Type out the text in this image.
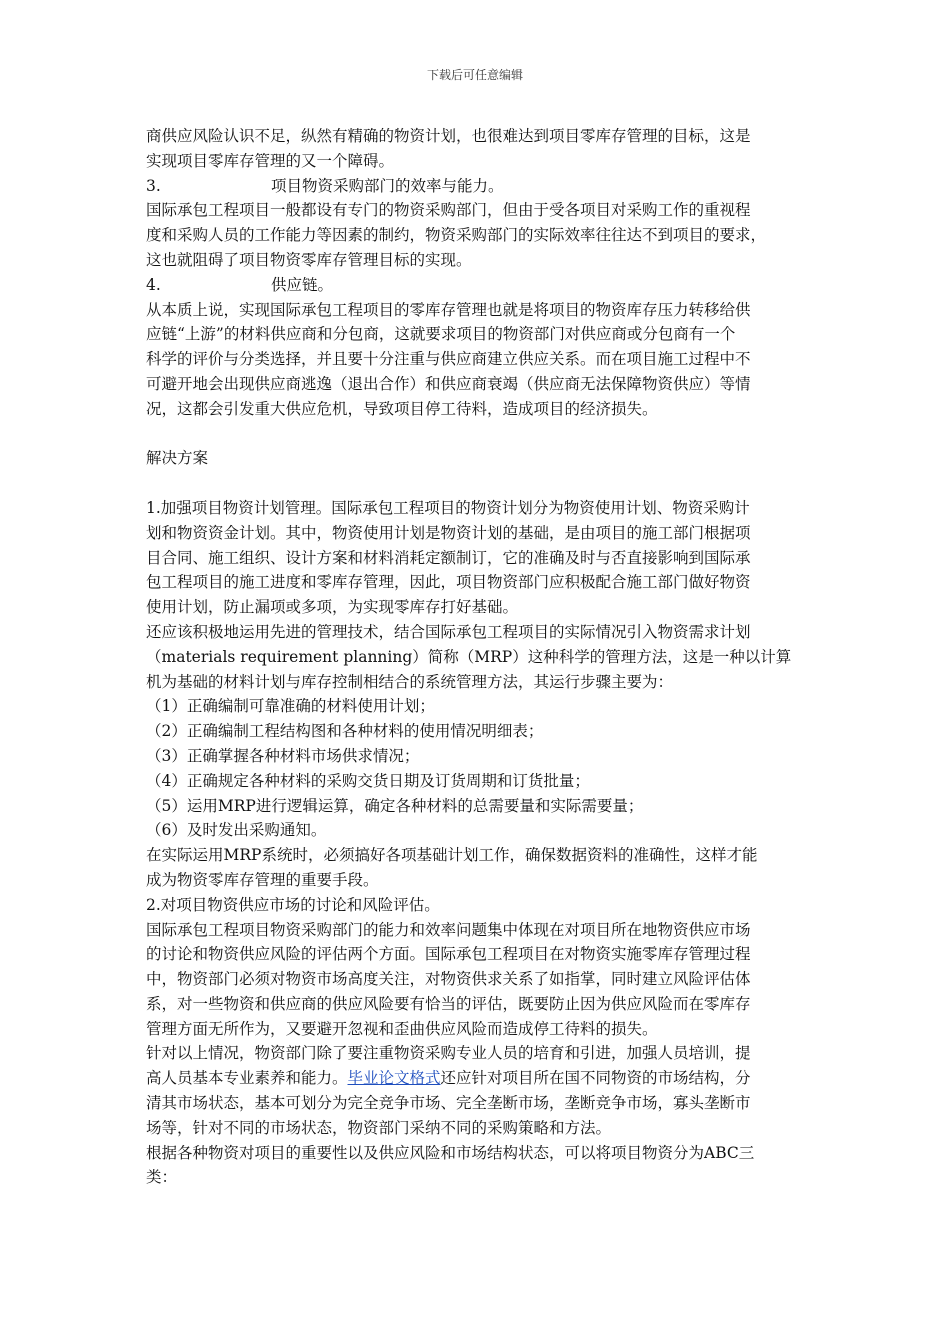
下载后可任意编辑
商供应风险认识不足，纵然有精确的物资计划，也很难达到项目零库存管理的目标，这是
实现项目零库存管理的又一个障碍。
3.	项目物资采购部门的效率与能力。
国际承包工程项目一般都设有专门的物资采购部门，但由于受各项目对采购工作的重视程
度和采购人员的工作能力等因素的制约，物资采购部门的实际效率往往达不到项目的要求，
这也就阻碍了项目物资零库存管理目标的实现。
4.	供应链。
从本质上说，实现国际承包工程项目的零库存管理也就是将项目的物资库存压力转移给供
应链“上游”的材料供应商和分包商，这就要求项目的物资部门对供应商或分包商有一个
科学的评价与分类选择，并且要十分注重与供应商建立供应关系。而在项目施工过程中不
可避开地会出现供应商逃逸（退出合作）和供应商衰竭（供应商无法保障物资供应）等情
况，这都会引发重大供应危机，导致项目停工待料，造成项目的经济损失。
解决方案
1.加强项目物资计划管理。国际承包工程项目的物资计划分为物资使用计划、物资采购计
划和物资资金计划。其中，物资使用计划是物资计划的基础，是由项目的施工部门根据项
目合同、施工组织、设计方案和材料消耗定额制订，它的准确及时与否直接影响到国际承
包工程项目的施工进度和零库存管理，因此，项目物资部门应积极配合施工部门做好物资
使用计划，防止漏项或多项，为实现零库存打好基础。
还应该积极地运用先进的管理技术，结合国际承包工程项目的实际情况引入物资需求计划
（materials requirement planning）简称（MRP）这种科学的管理方法，这是一种以计算
机为基础的材料计划与库存控制相结合的系统管理方法，其运行步骤主要为：
（1）正确编制可靠准确的材料使用计划；
（2）正确编制工程结构图和各种材料的使用情况明细表；
（3）正确掌握各种材料市场供求情况；
（4）正确规定各种材料的采购交货日期及订货周期和订货批量；
（5）运用MRP进行逻辑运算，确定各种材料的总需要量和实际需要量；
（6）及时发出采购通知。
在实际运用MRP系统时，必须搞好各项基础计划工作，确保数据资料的准确性，这样才能
成为物资零库存管理的重要手段。
2.对项目物资供应市场的讨论和风险评估。
国际承包工程项目物资采购部门的能力和效率问题集中体现在对项目所在地物资供应市场
的讨论和物资供应风险的评估两个方面。国际承包工程项目在对物资实施零库存管理过程
中，物资部门必须对物资市场高度关注，对物资供求关系了如指掌，同时建立风险评估体
系，对一些物资和供应商的供应风险要有恰当的评估，既要防止因为供应风险而在零库存
管理方面无所作为，又要避开忽视和歪曲供应风险而造成停工待料的损失。
针对以上情况，物资部门除了要注重物资采购专业人员的培育和引进，加强人员培训，提
高人员基本专业素养和能力。毕业论文格式还应针对项目所在国不同物资的市场结构，分
清其市场状态，基本可划分为完全竞争市场、完全垄断市场，垄断竞争市场，寡头垄断市
场等，针对不同的市场状态，物资部门采纳不同的采购策略和方法。
根据各种物资对项目的重要性以及供应风险和市场结构状态，可以将项目物资分为ABC三
类：
